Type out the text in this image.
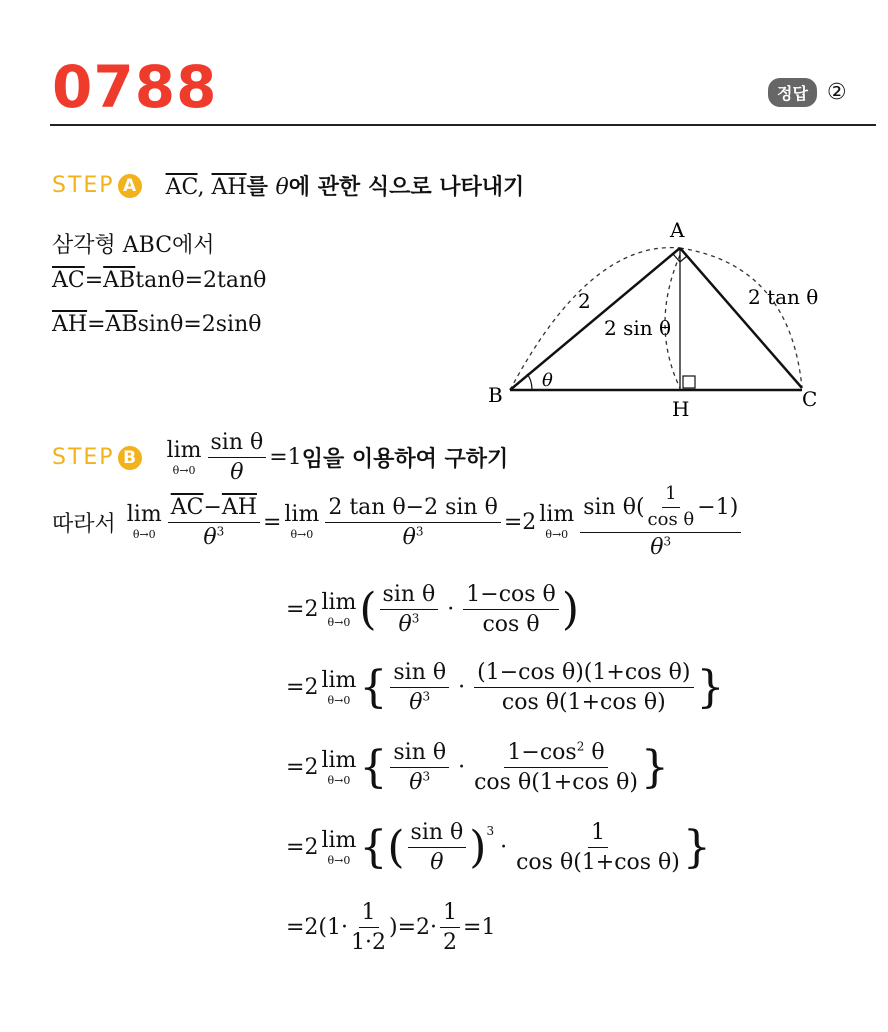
0788	정답 ②
STEP A $\overline{AC}$, $\overline{AH}$를 θ에 관한 식으로 나타내기
삼각형 ABC에서
$\overline{AC}=\overline{AB}\tan\theta=2\tan\theta$
$\overline{AH}=\overline{AB}\sin\theta=2\sin\theta$
A
B	C
H
2
2 sin θ
2 tan θ
θ
STEP B lim
$\theta\to 0 \frac{\text{sin θ}}{\theta} =1$ 임을 이용하여 구하기
따라서 lim
$\theta\to 0 \frac{\overline{AC}-\overline{AH}}{\theta^3} = \lim$
$\theta\to 0 \frac{\text{2 tan θ−2 sin θ}}{\theta^3} = 2$ lim
$\theta\to 0 \frac{\sin \theta( \frac{1}{\text{cos θ}} -1)}{\theta^3}$
= 2 lim
θ→0 ( $\frac{\text{sin θ}}{\theta^3} \cdot \frac{\text{1−cos θ}}{\text{cos θ}}$ )
= 2 lim
θ→0 { $\frac{\text{sin θ}}{\theta^3} \cdot \frac{\text{(1−cos θ)(1+cos θ)}}{\text{cos θ(1+cos θ)}}$ }
= 2 lim
θ→0 { $\frac{\text{sin θ}}{\theta^3} \cdot \frac{1-\cos^2 \theta}{\text{cos θ(1+cos θ)}}$ }
= 2 lim
θ→0 { ( $\frac{\text{sin θ}}{\theta} )^3$
· $\frac{1}{\text{cos θ(1+cos θ)}}$ }
$=2(1\cdot \frac{1}{1\cdot 2} )=2\cdot \frac{1}{2} =1$
